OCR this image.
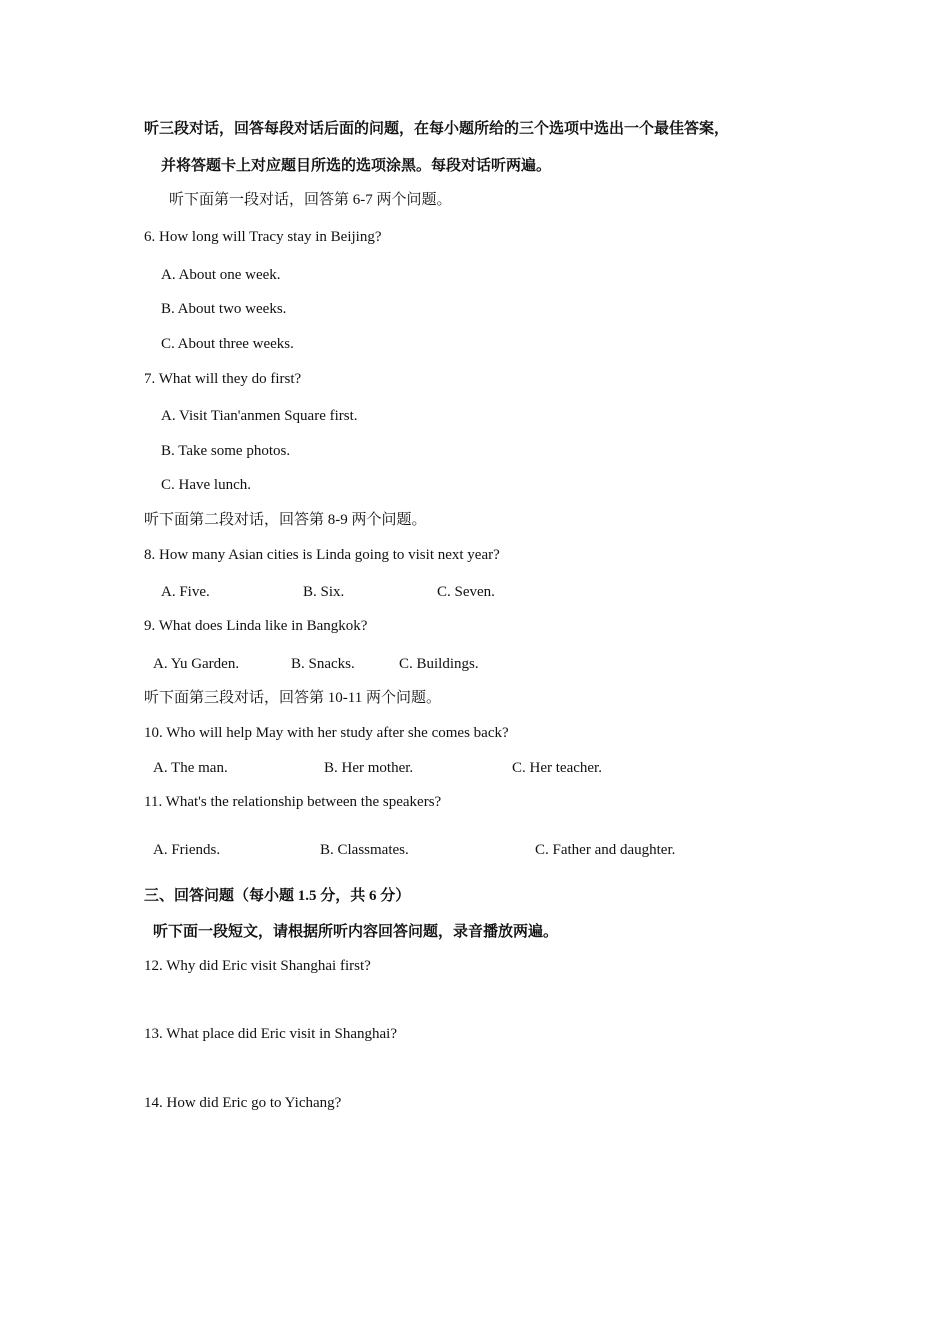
听三段对话，回答每段对话后面的问题，在每小题所给的三个选项中选出一个最佳答案，
并将答题卡上对应题目所选的选项涂黑。每段对话听两遍。
听下面第一段对话，回答第 6-7 两个问题。
6. How long will Tracy stay in Beijing?
A. About one week.
B. About two weeks.
C. About three weeks.
7. What will they do first?
A. Visit Tian'anmen Square first.
B. Take some photos.
C. Have lunch.
听下面第二段对话，回答第 8-9 两个问题。
8. How many Asian cities is Linda going to visit next year?
A. Five.	B. Six.	C. Seven.
9. What does Linda like in Bangkok?
A. Yu Garden.	B. Snacks.	C. Buildings.
听下面第三段对话，回答第 10-11 两个问题。
10. Who will help May with her study after she comes back?
A. The man.	B. Her mother.	C. Her teacher.
11. What's the relationship between the speakers?
A. Friends.	B. Classmates.	C. Father and daughter.
三、回答问题（每小题 1.5 分，共 6 分）
听下面一段短文，请根据所听内容回答问题，录音播放两遍。
12. Why did Eric visit Shanghai first?
13. What place did Eric visit in Shanghai?
14. How did Eric go to Yichang?
